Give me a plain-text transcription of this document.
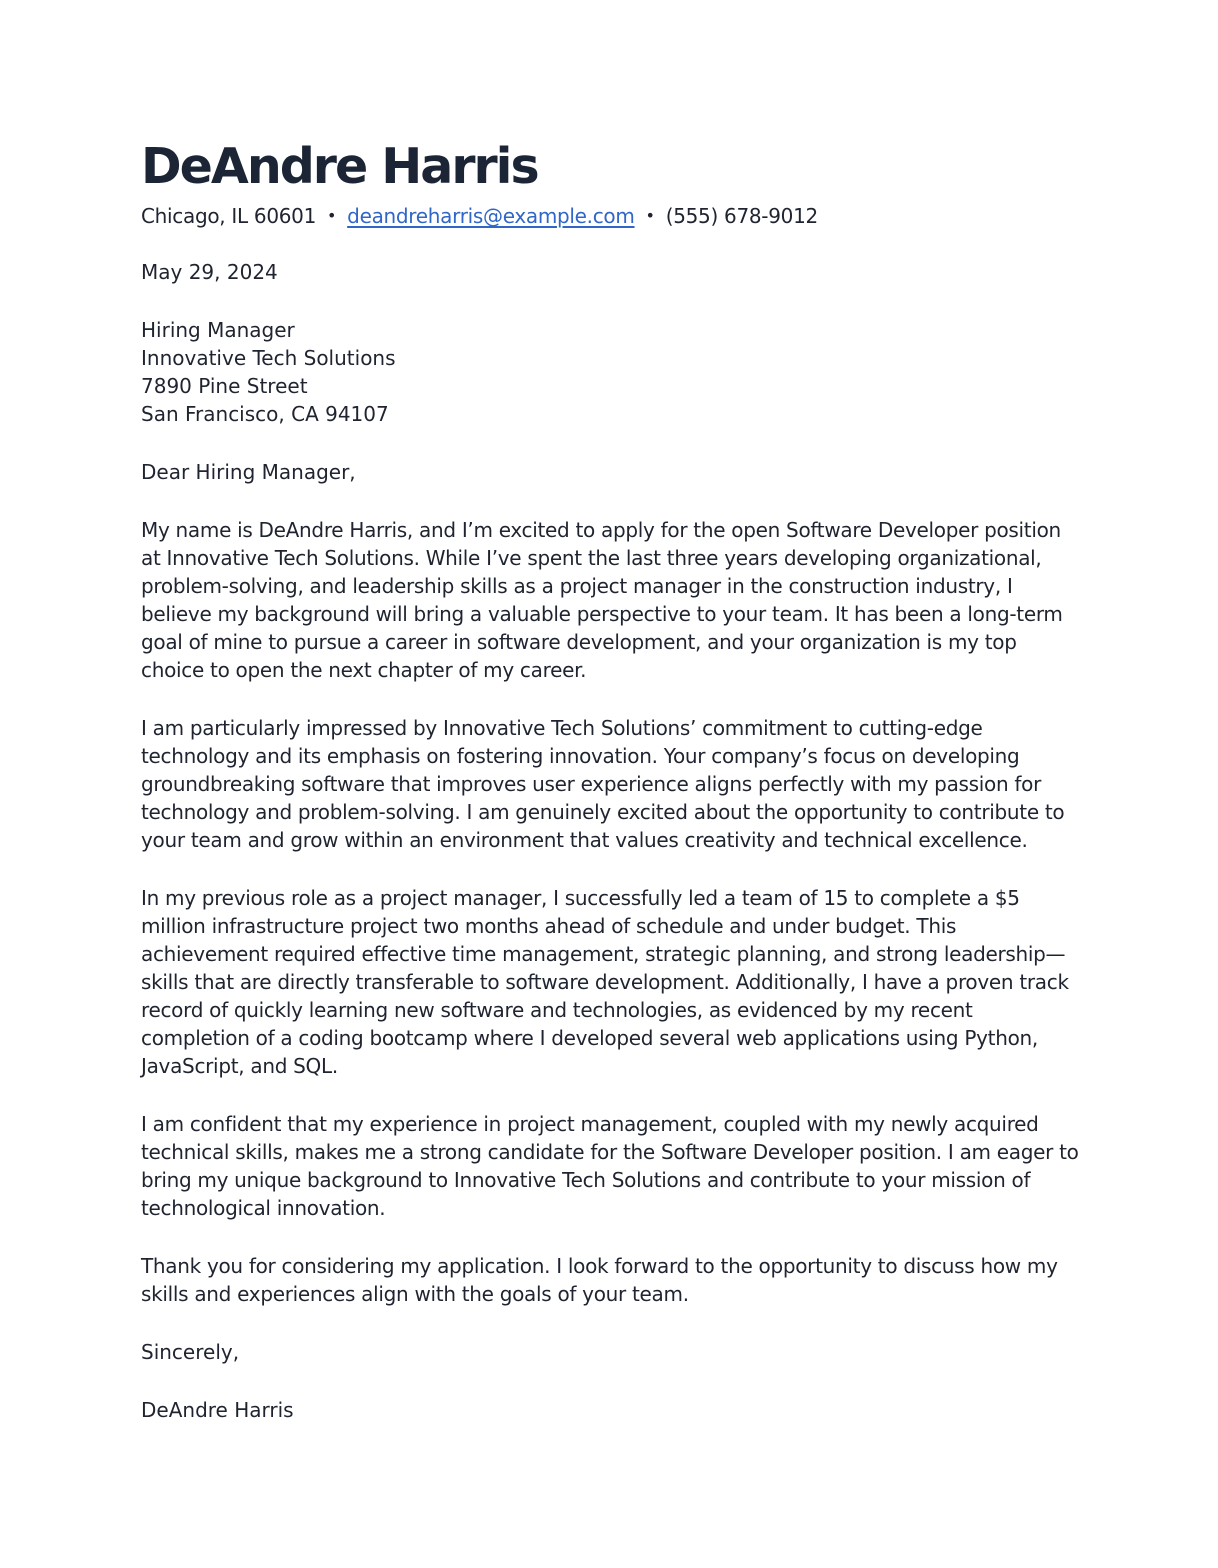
DeAndre Harris
Chicago, IL 60601 • deandreharris@example.com • (555) 678-9012
May 29, 2024
Hiring Manager
Innovative Tech Solutions
7890 Pine Street
San Francisco, CA 94107
Dear Hiring Manager,

My name is DeAndre Harris, and I’m excited to apply for the open Software Developer position at Innovative Tech Solutions. While I’ve spent the last three years developing organizational, problem-solving, and leadership skills as a project manager in the construction industry, I believe my background will bring a valuable perspective to your team. It has been a long-term goal of mine to pursue a career in software development, and your organization is my top choice to open the next chapter of my career.

I am particularly impressed by Innovative Tech Solutions’ commitment to cutting-edge technology and its emphasis on fostering innovation. Your company’s focus on developing groundbreaking software that improves user experience aligns perfectly with my passion for technology and problem-solving. I am genuinely excited about the opportunity to contribute to your team and grow within an environment that values creativity and technical excellence.

In my previous role as a project manager, I successfully led a team of 15 to complete a $5 million infrastructure project two months ahead of schedule and under budget. This achievement required effective time management, strategic planning, and strong leadership—skills that are directly transferable to software development. Additionally, I have a proven track record of quickly learning new software and technologies, as evidenced by my recent completion of a coding bootcamp where I developed several web applications using Python, JavaScript, and SQL.

I am confident that my experience in project management, coupled with my newly acquired technical skills, makes me a strong candidate for the Software Developer position. I am eager to bring my unique background to Innovative Tech Solutions and contribute to your mission of technological innovation.

Thank you for considering my application. I look forward to the opportunity to discuss how my skills and experiences align with the goals of your team.

Sincerely,
DeAndre Harris
